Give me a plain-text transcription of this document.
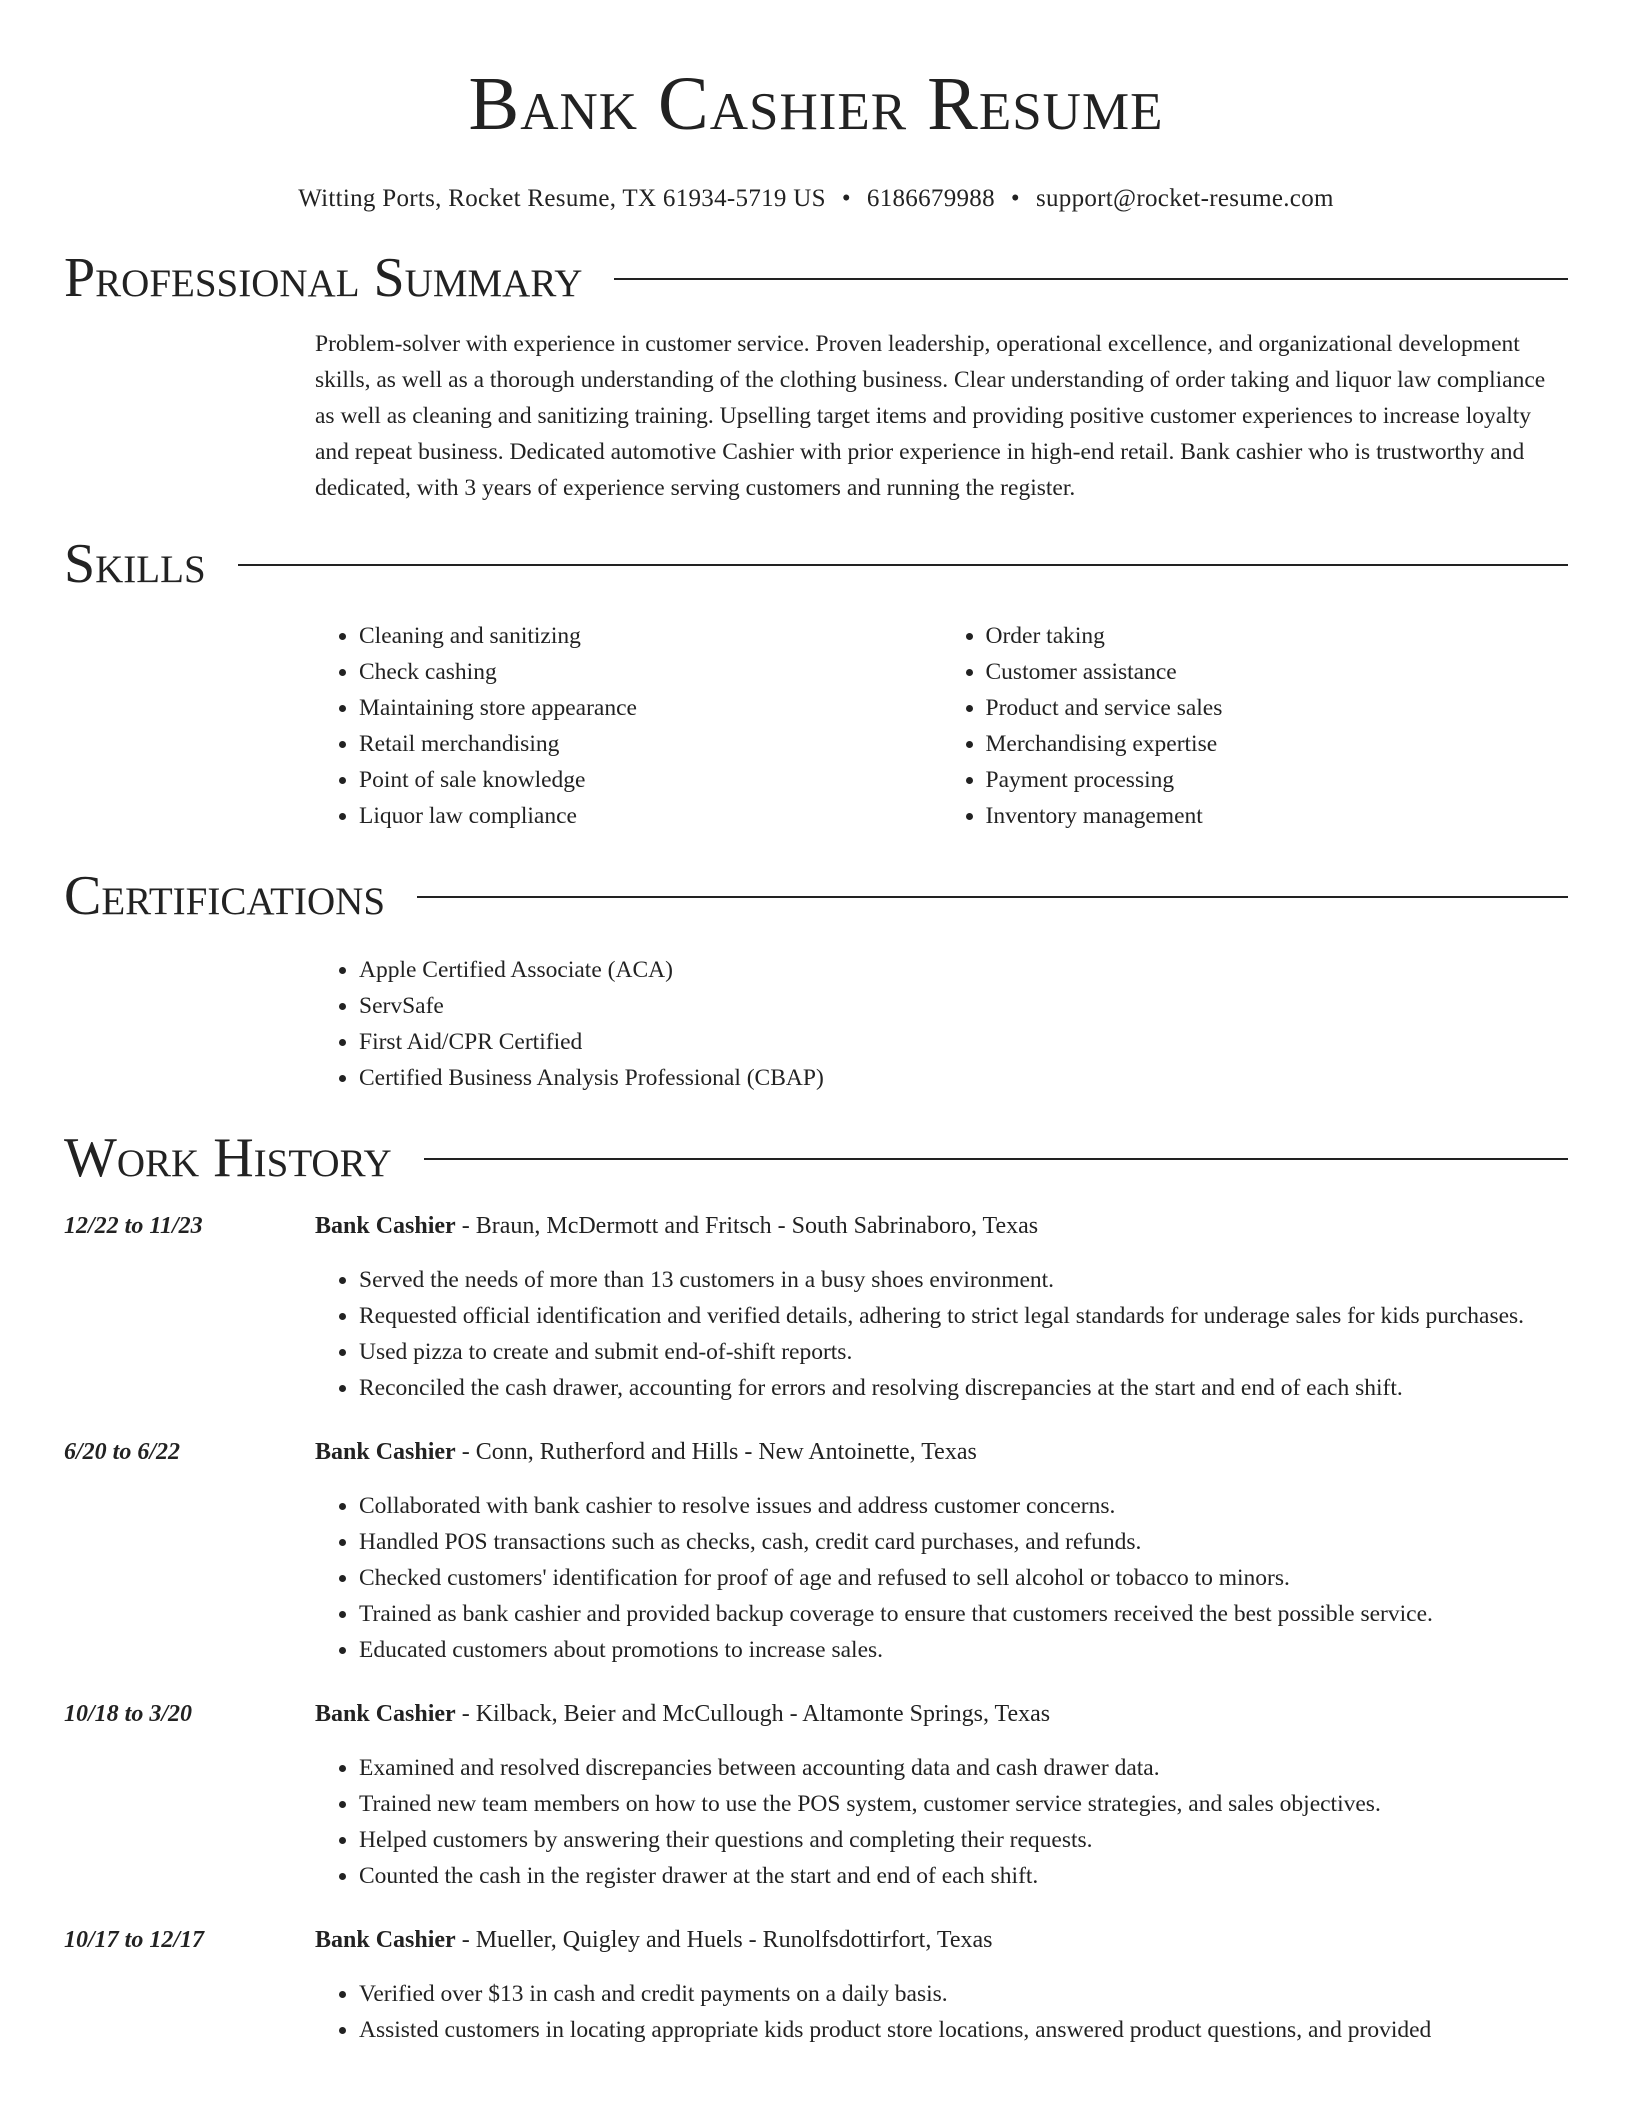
Bank Cashier Resume
Witting Ports, Rocket Resume, TX 61934-5719 US • 6186679988 • support@rocket-resume.com
Professional Summary
Problem-solver with experience in customer service. Proven leadership, operational excellence, and organizational development skills, as well as a thorough understanding of the clothing business. Clear understanding of order taking and liquor law compliance as well as cleaning and sanitizing training. Upselling target items and providing positive customer experiences to increase loyalty and repeat business. Dedicated automotive Cashier with prior experience in high-end retail. Bank cashier who is trustworthy and dedicated, with 3 years of experience serving customers and running the register.
Skills
• Cleaning and sanitizing
• Check cashing
• Maintaining store appearance
• Retail merchandising
• Point of sale knowledge
• Liquor law compliance
• Order taking
• Customer assistance
• Product and service sales
• Merchandising expertise
• Payment processing
• Inventory management
Certifications
• Apple Certified Associate (ACA)
• ServSafe
• First Aid/CPR Certified
• Certified Business Analysis Professional (CBAP)
Work History
12/22 to 11/23	Bank Cashier - Braun, McDermott and Fritsch - South Sabrinaboro, Texas
• Served the needs of more than 13 customers in a busy shoes environment.
• Requested official identification and verified details, adhering to strict legal standards for underage sales for kids purchases.
• Used pizza to create and submit end-of-shift reports.
• Reconciled the cash drawer, accounting for errors and resolving discrepancies at the start and end of each shift.
6/20 to 6/22	Bank Cashier - Conn, Rutherford and Hills - New Antoinette, Texas
• Collaborated with bank cashier to resolve issues and address customer concerns.
• Handled POS transactions such as checks, cash, credit card purchases, and refunds.
• Checked customers' identification for proof of age and refused to sell alcohol or tobacco to minors.
• Trained as bank cashier and provided backup coverage to ensure that customers received the best possible service.
• Educated customers about promotions to increase sales.
10/18 to 3/20	Bank Cashier - Kilback, Beier and McCullough - Altamonte Springs, Texas
• Examined and resolved discrepancies between accounting data and cash drawer data.
• Trained new team members on how to use the POS system, customer service strategies, and sales objectives.
• Helped customers by answering their questions and completing their requests.
• Counted the cash in the register drawer at the start and end of each shift.
10/17 to 12/17	Bank Cashier - Mueller, Quigley and Huels - Runolfsdottirfort, Texas
• Verified over $13 in cash and credit payments on a daily basis.
• Assisted customers in locating appropriate kids product store locations, answered product questions, and provided
